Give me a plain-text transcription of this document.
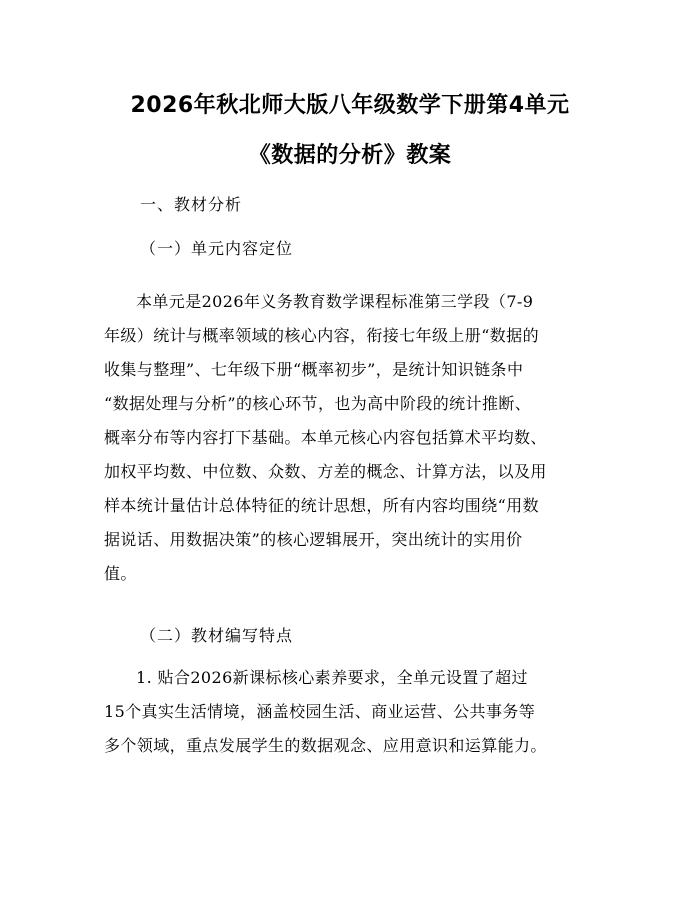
2026年秋北师大版八年级数学下册第4单元
《数据的分析》教案
一、教材分析
（一）单元内容定位
本单元是2026年义务教育数学课程标准第三学段（7-9
年级）统计与概率领域的核心内容，衔接七年级上册“数据的
收集与整理”、七年级下册“概率初步”，是统计知识链条中
“数据处理与分析”的核心环节，也为高中阶段的统计推断、
概率分布等内容打下基础。本单元核心内容包括算术平均数、
加权平均数、中位数、众数、方差的概念、计算方法，以及用
样本统计量估计总体特征的统计思想，所有内容均围绕“用数
据说话、用数据决策”的核心逻辑展开，突出统计的实用价
值。
（二）教材编写特点
1. 贴合2026新课标核心素养要求，全单元设置了超过
15个真实生活情境，涵盖校园生活、商业运营、公共事务等
多个领域，重点发展学生的数据观念、应用意识和运算能力。
